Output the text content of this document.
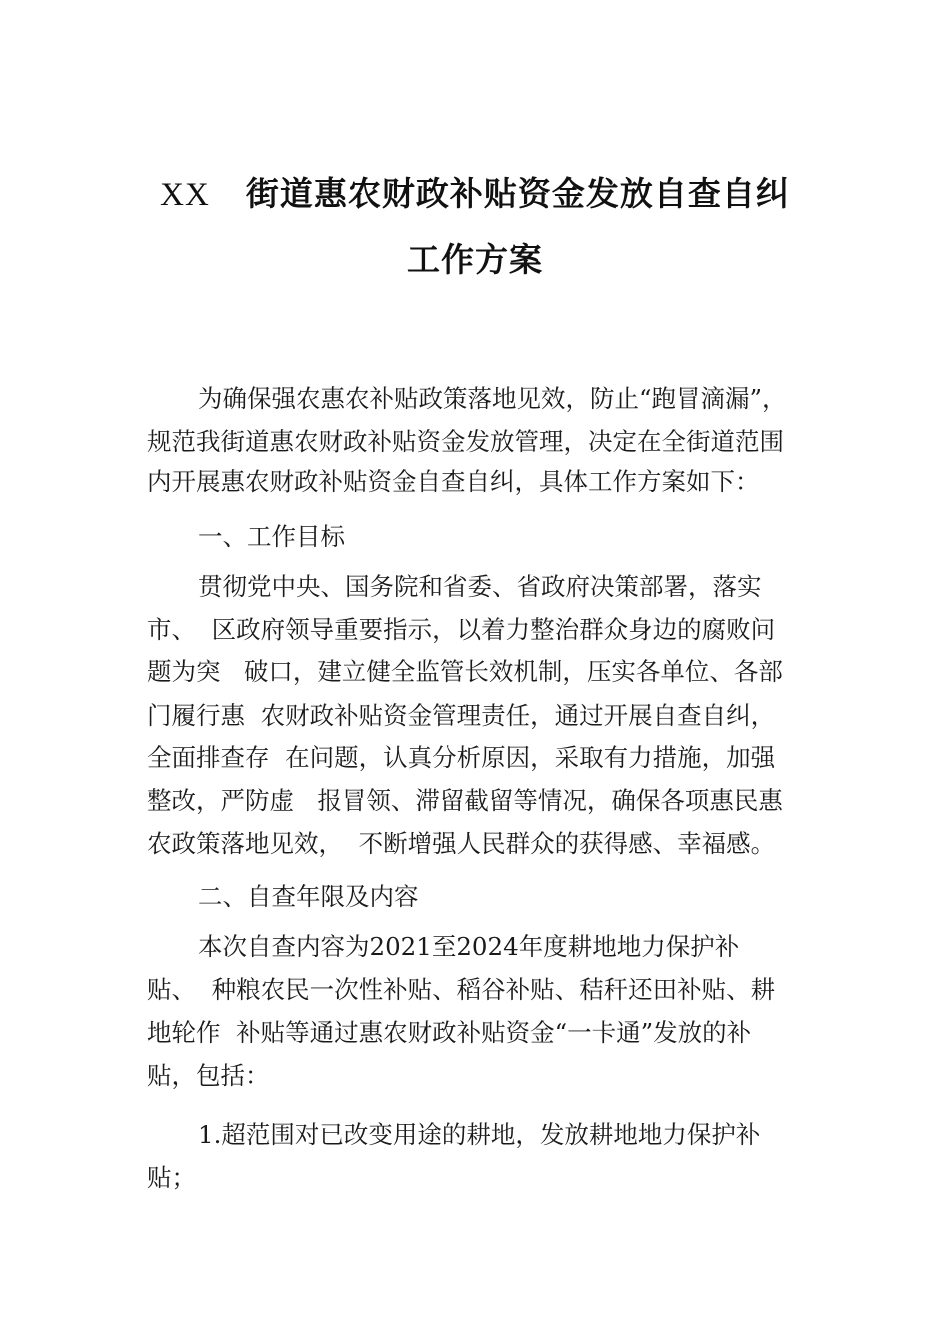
XX 街道惠农财政补贴资金发放自查自纠
工作方案
为确保强农惠农补贴政策落地见效，防止“跑冒滴漏”，
规范我街道惠农财政补贴资金发放管理，决定在全街道范围
内开展惠农财政补贴资金自查自纠，具体工作方案如下：
一、工作目标
贯彻党中央、国务院和省委、省政府决策部署，落实
市、  区政府领导重要指示，以着力整治群众身边的腐败问
题为突   破口，建立健全监管长效机制，压实各单位、各部
门履行惠  农财政补贴资金管理责任，通过开展自查自纠，
全面排查存  在问题，认真分析原因，采取有力措施，加强
整改，严防虚   报冒领、滞留截留等情况，确保各项惠民惠
农政策落地见效，  不断增强人民群众的获得感、幸福感。
二、自查年限及内容
本次自查内容为2021至2024年度耕地地力保护补
贴、  种粮农民一次性补贴、稻谷补贴、秸秆还田补贴、耕
地轮作  补贴等通过惠农财政补贴资金“一卡通”发放的补
贴，包括：
1.超范围对已改变用途的耕地，发放耕地地力保护补
贴；
